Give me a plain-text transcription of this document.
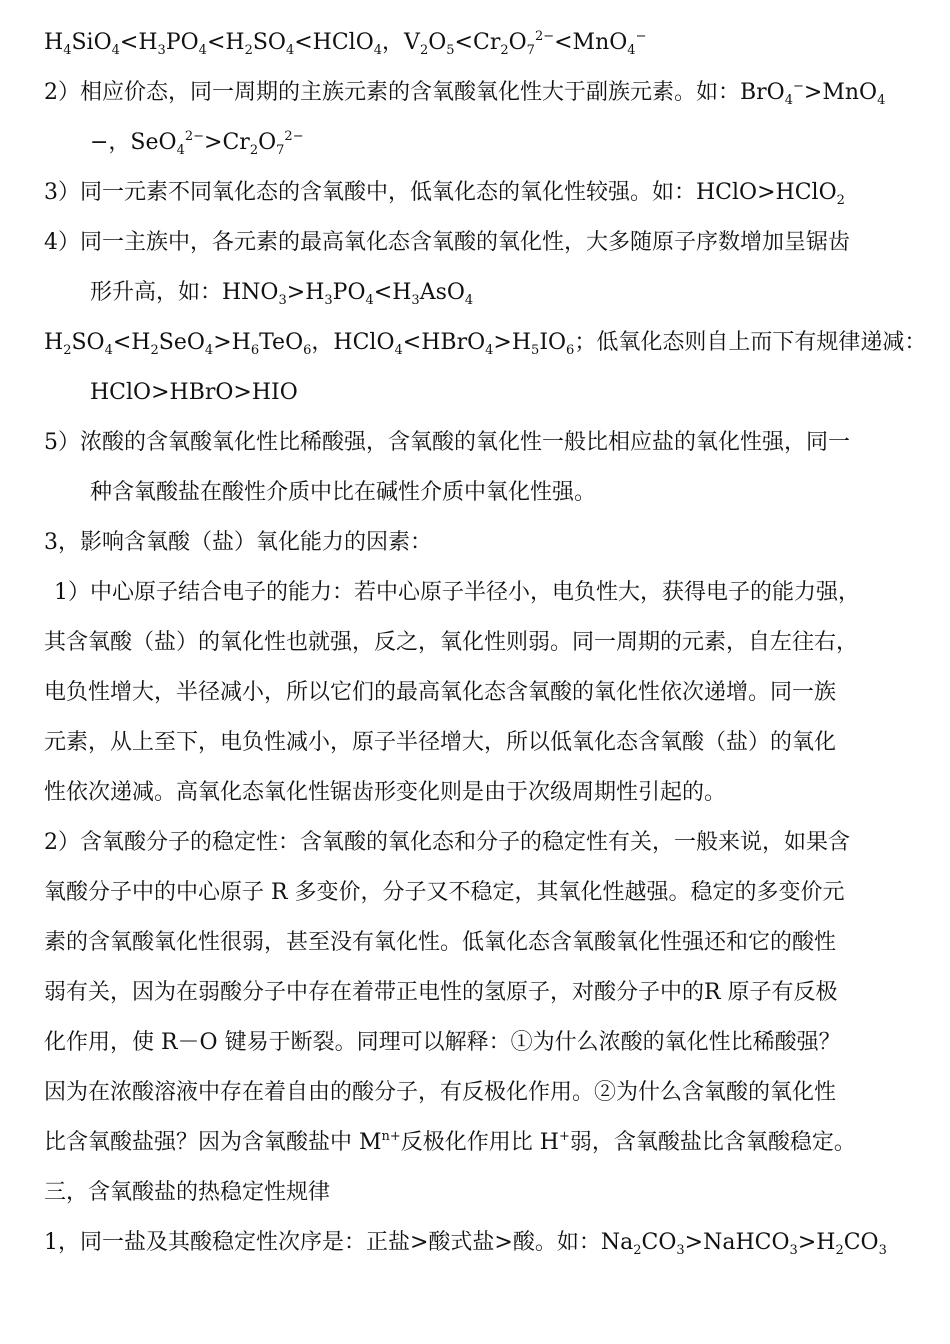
$H_4SiO_4<H_3PO_4<H_2SO_4<HClO_4$，$V_2O_5<Cr_2O_7^{2-}<MnO_4^-$
2）相应价态，同一周期的主族元素的含氧酸氧化性大于副族元素。如：BrO$_4$−>MnO$_4$
−，$SeO_4^{2-}>Cr_2O_7^{2-}$
3）同一元素不同氧化态的含氧酸中，低氧化态的氧化性较强。如：HClO>HClO$_2$
4）同一主族中，各元素的最高氧化态含氧酸的氧化性，大多随原子序数增加呈锯齿
形升高，如：$HNO_3>H_3PO_4<H_3AsO_4$
$H_2SO_4<H_2SeO_4>H_6TeO_6$，$HClO_4<HBrO_4>H_5IO_6$；低氧化态则自上而下有规律递减：
HClO>HBrO>HIO
5）浓酸的含氧酸氧化性比稀酸强，含氧酸的氧化性一般比相应盐的氧化性强，同一
种含氧酸盐在酸性介质中比在碱性介质中氧化性强。
3，影响含氧酸（盐）氧化能力的因素：
1）中心原子结合电子的能力：若中心原子半径小，电负性大，获得电子的能力强，
其含氧酸（盐）的氧化性也就强，反之，氧化性则弱。同一周期的元素，自左往右，
电负性增大，半径减小，所以它们的最高氧化态含氧酸的氧化性依次递增。同一族
元素，从上至下，电负性减小，原子半径增大，所以低氧化态含氧酸（盐）的氧化
性依次递减。高氧化态氧化性锯齿形变化则是由于次级周期性引起的。
2）含氧酸分子的稳定性：含氧酸的氧化态和分子的稳定性有关，一般来说，如果含
氧酸分子中的中心原子 R 多变价，分子又不稳定，其氧化性越强。稳定的多变价元
素的含氧酸氧化性很弱，甚至没有氧化性。低氧化态含氧酸氧化性强还和它的酸性
弱有关，因为在弱酸分子中存在着带正电性的氢原子，对酸分子中的R 原子有反极
化作用，使 R－O 键易于断裂。同理可以解释：①为什么浓酸的氧化性比稀酸强？
因为在浓酸溶液中存在着自由的酸分子，有反极化作用。②为什么含氧酸的氧化性
比含氧酸盐强？因为含氧酸盐中 $M^{n+}$反极化作用比 H+弱，含氧酸盐比含氧酸稳定。
三，含氧酸盐的热稳定性规律
1，同一盐及其酸稳定性次序是：正盐>酸式盐>酸。如：$Na_2CO_3>NaHCO_3>H_2CO_3$
